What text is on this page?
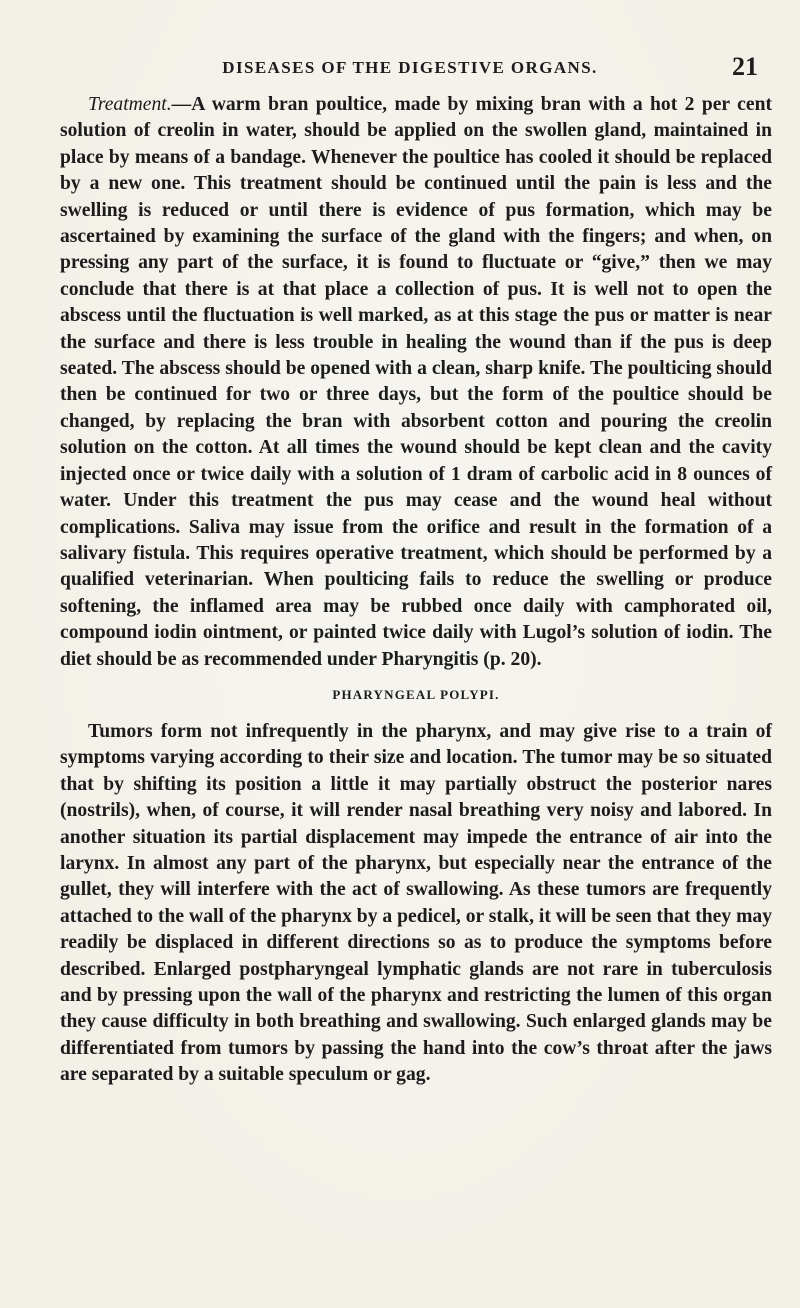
DISEASES OF THE DIGESTIVE ORGANS.	21

Treatment.—A warm bran poultice, made by mixing bran with a hot 2 per cent solution of creolin in water, should be applied on the swollen gland, maintained in place by means of a bandage. Whenever the poultice has cooled it should be replaced by a new one. This treatment should be continued until the pain is less and the swelling is reduced or until there is evidence of pus formation, which may be ascertained by examining the surface of the gland with the fingers; and when, on pressing any part of the surface, it is found to fluctuate or “give,” then we may conclude that there is at that place a collection of pus. It is well not to open the abscess until the fluctuation is well marked, as at this stage the pus or matter is near the surface and there is less trouble in healing the wound than if the pus is deep seated. The abscess should be opened with a clean, sharp knife. The poulticing should then be continued for two or three days, but the form of the poultice should be changed, by replacing the bran with absorbent cotton and pouring the creolin solution on the cotton. At all times the wound should be kept clean and the cavity injected once or twice daily with a solution of 1 dram of carbolic acid in 8 ounces of water. Under this treatment the pus may cease and the wound heal without complications. Saliva may issue from the orifice and result in the formation of a salivary fistula. This requires operative treatment, which should be performed by a qualified veterinarian. When poulticing fails to reduce the swelling or produce softening, the inflamed area may be rubbed once daily with camphorated oil, compound iodin ointment, or painted twice daily with Lugol’s solution of iodin. The diet should be as recommended under Pharyngitis (p. 20).

PHARYNGEAL POLYPI.

Tumors form not infrequently in the pharynx, and may give rise to a train of symptoms varying according to their size and location. The tumor may be so situated that by shifting its position a little it may partially obstruct the posterior nares (nostrils), when, of course, it will render nasal breathing very noisy and labored. In another situation its partial displacement may impede the entrance of air into the larynx. In almost any part of the pharynx, but especially near the entrance of the gullet, they will interfere with the act of swallowing. As these tumors are frequently attached to the wall of the pharynx by a pedicel, or stalk, it will be seen that they may readily be displaced in different directions so as to produce the symptoms before described. Enlarged postpharyngeal lymphatic glands are not rare in tuberculosis and by pressing upon the wall of the pharynx and restricting the lumen of this organ they cause difficulty in both breathing and swallowing. Such enlarged glands may be differentiated from tumors by passing the hand into the cow’s throat after the jaws are separated by a suitable speculum or gag.
